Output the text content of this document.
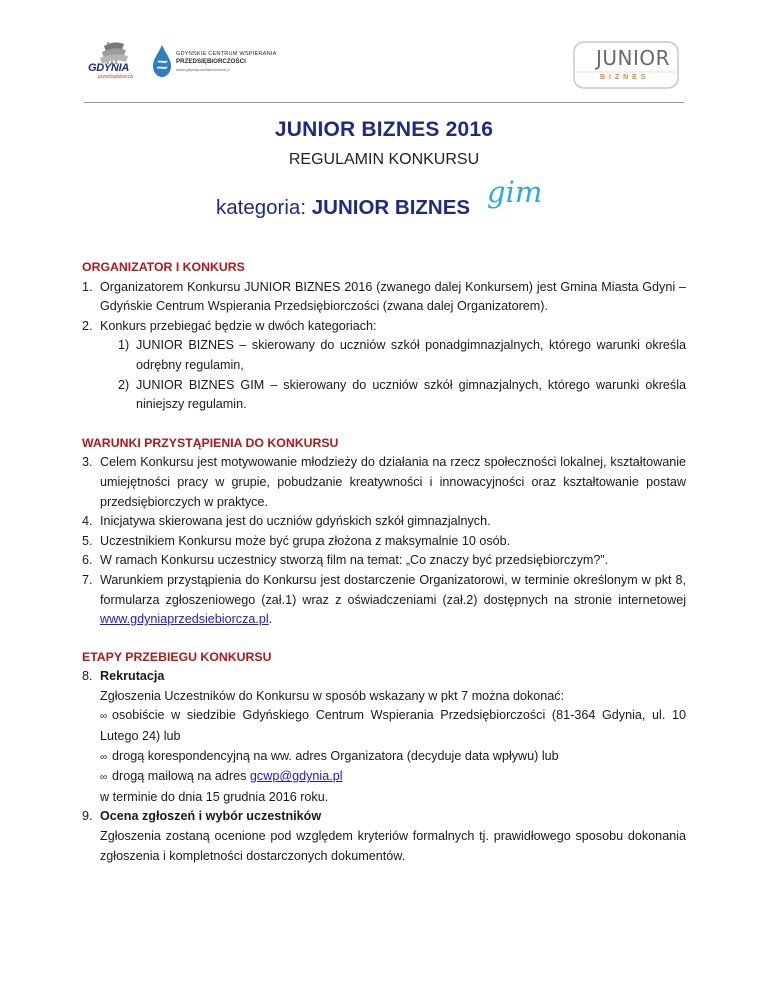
GDYNIA
przedsiębiorcza
GDYŃSKIE CENTRUM WSPIERANIA
PRZEDSIĘBIORCZOŚCI
www.gdyniaprzedsiebiorcza.pl	JUNIOR
B I Z N E S
JUNIOR BIZNES 2016
REGULAMIN KONKURSU
kategoria: JUNIOR BIZNES gim
ORGANIZATOR I KONKURS
1. Organizatorem Konkursu JUNIOR BIZNES 2016 (zwanego dalej Konkursem) jest Gmina Miasta Gdyni – Gdyńskie Centrum Wspierania Przedsiębiorczości (zwana dalej Organizatorem).
2. Konkurs przebiegać będzie w dwóch kategoriach:
1) JUNIOR BIZNES – skierowany do uczniów szkół ponadgimnazjalnych, którego warunki określa odrębny regulamin,
2) JUNIOR BIZNES GIM – skierowany do uczniów szkół gimnazjalnych, którego warunki określa niniejszy regulamin.
WARUNKI PRZYSTĄPIENIA DO KONKURSU
3. Celem Konkursu jest motywowanie młodzieży do działania na rzecz społeczności lokalnej, kształtowanie umiejętności pracy w grupie, pobudzanie kreatywności i innowacyjności oraz kształtowanie postaw przedsiębiorczych w praktyce.
4. Inicjatywa skierowana jest do uczniów gdyńskich szkół gimnazjalnych.
5. Uczestnikiem Konkursu może być grupa złożona z maksymalnie 10 osób.
6. W ramach Konkursu uczestnicy stworzą film na temat: „Co znaczy być przedsiębiorczym?”.
7. Warunkiem przystąpienia do Konkursu jest dostarczenie Organizatorowi, w terminie określonym w pkt 8, formularza zgłoszeniowego (zał.1) wraz z oświadczeniami (zał.2) dostępnych na stronie internetowej www.gdyniaprzedsiebiorcza.pl.
ETAPY PRZEBIEGU KONKURSU
8. Rekrutacja
Zgłoszenia Uczestników do Konkursu w sposób wskazany w pkt 7 można dokonać:
∞ osobiście w siedzibie Gdyńskiego Centrum Wspierania Przedsiębiorczości (81-364 Gdynia, ul. 10 Lutego 24) lub
∞ drogą korespondencyjną na ww. adres Organizatora (decyduje data wpływu) lub
∞ drogą mailową na adres gcwp@gdynia.pl
w terminie do dnia 15 grudnia 2016 roku.
9. Ocena zgłoszeń i wybór uczestników
Zgłoszenia zostaną ocenione pod względem kryteriów formalnych tj. prawidłowego sposobu dokonania zgłoszenia i kompletności dostarczonych dokumentów.
